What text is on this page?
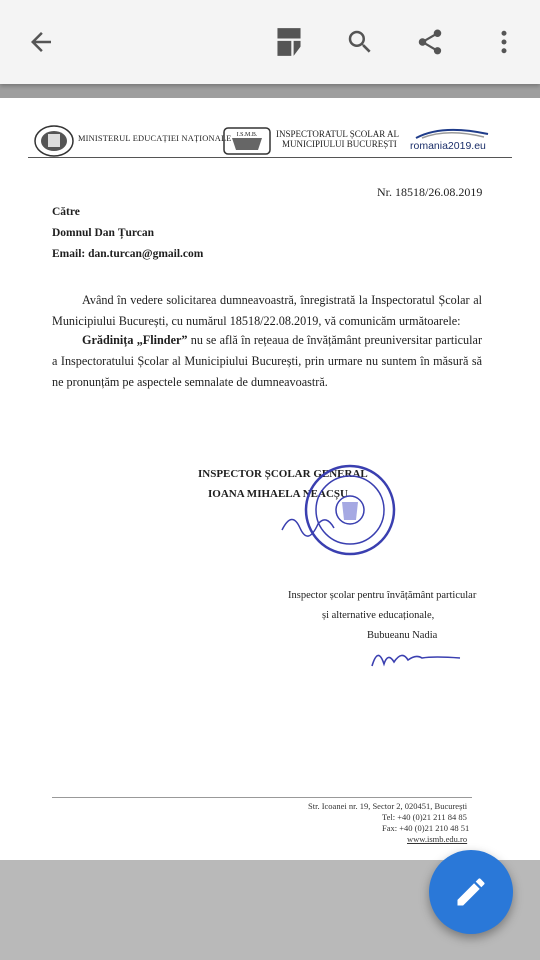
MINISTERUL EDUCAȚIEI NAȚIONALE I.S.M.B. INSPECTORATUL ȘCOLAR AL
MUNICIPIULUI BUCUREȘTI romania2019.eu
Nr. 18518/26.08.2019
Către
Domnul Dan Țurcan
Email: dan.turcan@gmail.com
Având în vedere solicitarea dumneavoastră, înregistrată la Inspectoratul Școlar al Municipiului București, cu numărul 18518/22.08.2019, vă comunicăm următoarele:
Grădinița „Flinder” nu se află în rețeaua de învățământ preuniversitar particular a Inspectoratului Școlar al Municipiului București, prin urmare nu suntem în măsură să ne pronunțăm pe aspectele semnalate de dumneavoastră.
INSPECTOR ȘCOLAR GENERAL
IOANA MIHAELA NEACȘU
Inspector școlar pentru învățământ particular
și alternative educaționale,
Bubueanu Nadia
Str. Icoanei nr. 19, Sector 2, 020451, București
Tel: +40 (0)21 211 84 85
Fax: +40 (0)21 210 48 51
www.ismb.edu.ro
